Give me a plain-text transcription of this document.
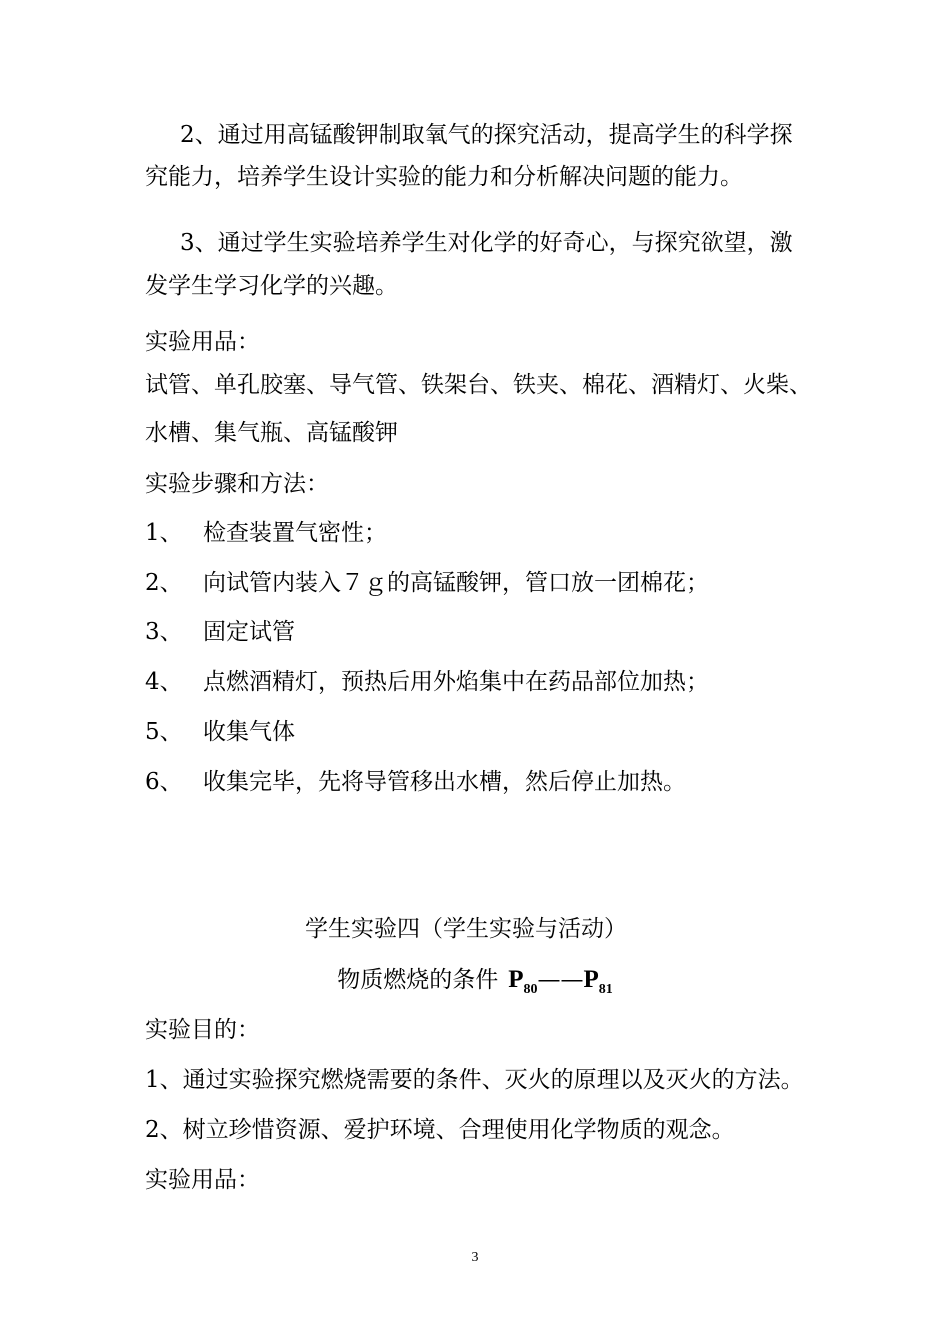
2、通过用高锰酸钾制取氧气的探究活动，提高学生的科学探
究能力，培养学生设计实验的能力和分析解决问题的能力。
3、通过学生实验培养学生对化学的好奇心，与探究欲望，激
发学生学习化学的兴趣。
实验用品：
试管、单孔胶塞、导气管、铁架台、铁夹、棉花、酒精灯、火柴、
水槽、集气瓶、高锰酸钾
实验步骤和方法：
1、 检查装置气密性；
2、 向试管内装入７ｇ的高锰酸钾，管口放一团棉花；
3、 固定试管
4、 点燃酒精灯，预热后用外焰集中在药品部位加热；
5、 收集气体
6、 收集完毕，先将导管移出水槽，然后停止加热。
学生实验四（学生实验与活动）
物质燃烧的条件 $P_{80}——P_{81}$
实验目的：
1、通过实验探究燃烧需要的条件、灭火的原理以及灭火的方法。
2、树立珍惜资源、爱护环境、合理使用化学物质的观念。
实验用品：
3
